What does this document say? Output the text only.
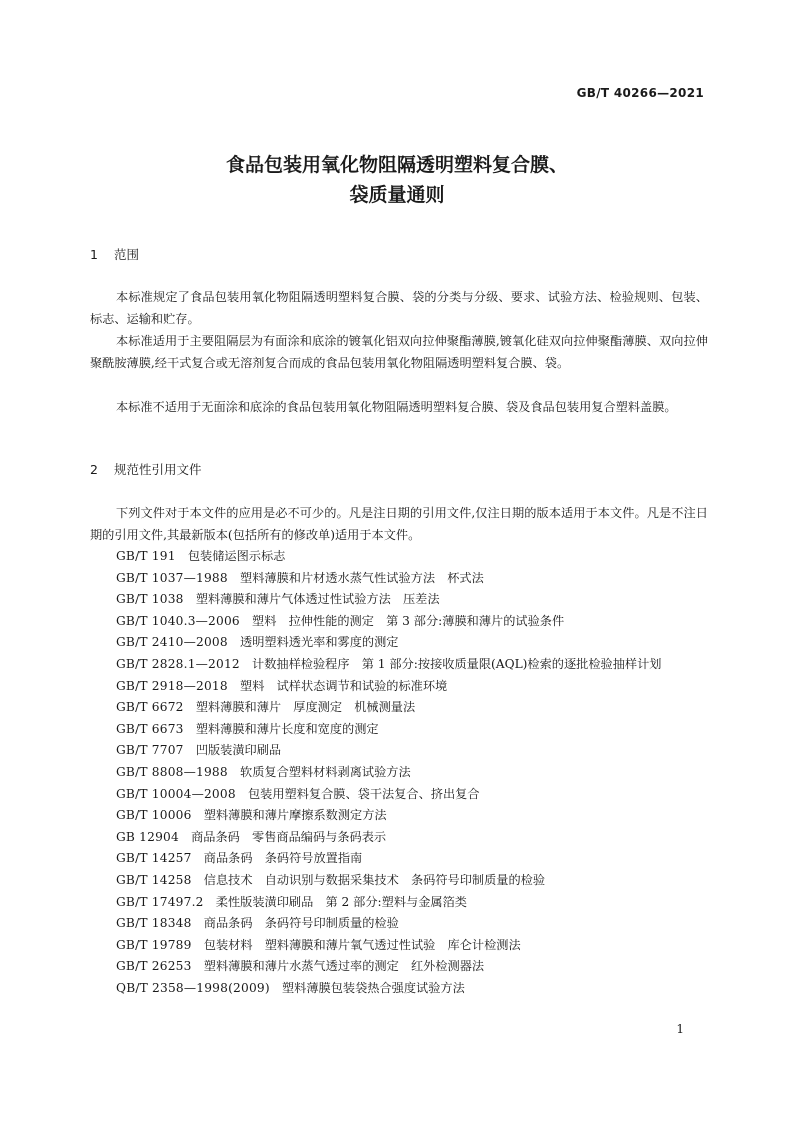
GB/T 40266—2021
食品包装用氧化物阻隔透明塑料复合膜、
袋质量通则
1 范围

本标准规定了食品包装用氧化物阻隔透明塑料复合膜、袋的分类与分级、要求、试验方法、检验规则、包装、标志、运输和贮存。

本标准适用于主要阻隔层为有面涂和底涂的镀氧化铝双向拉伸聚酯薄膜,镀氧化硅双向拉伸聚酯薄膜、双向拉伸聚酰胺薄膜,经干式复合或无溶剂复合而成的食品包装用氧化物阻隔透明塑料复合膜、袋。

本标准不适用于无面涂和底涂的食品包装用氧化物阻隔透明塑料复合膜、袋及食品包装用复合塑料盖膜。

2 规范性引用文件

下列文件对于本文件的应用是必不可少的。凡是注日期的引用文件,仅注日期的版本适用于本文件。凡是不注日期的引用文件,其最新版本(包括所有的修改单)适用于本文件。

GB/T 191　 包装储运图示标志
GB/T 1037—1988　 塑料薄膜和片材透水蒸气性试验方法　杯式法
GB/T 1038　 塑料薄膜和薄片气体透过性试验方法　压差法
GB/T 1040.3—2006　 塑料　拉伸性能的测定　第 3 部分:薄膜和薄片的试验条件
GB/T 2410—2008　 透明塑料透光率和雾度的测定
GB/T 2828.1—2012　 计数抽样检验程序　第 1 部分:按接收质量限(AQL)检索的逐批检验抽样计划
GB/T 2918—2018　 塑料　试样状态调节和试验的标准环境
GB/T 6672　 塑料薄膜和薄片　厚度测定　机械测量法
GB/T 6673　 塑料薄膜和薄片长度和宽度的测定
GB/T 7707　 凹版装潢印刷品
GB/T 8808—1988　 软质复合塑料材料剥离试验方法
GB/T 10004—2008　 包装用塑料复合膜、袋干法复合、挤出复合
GB/T 10006　 塑料薄膜和薄片摩擦系数测定方法
GB 12904　 商品条码　零售商品编码与条码表示
GB/T 14257　 商品条码　条码符号放置指南
GB/T 14258　 信息技术　自动识别与数据采集技术　条码符号印制质量的检验
GB/T 17497.2　 柔性版装潢印刷品　第 2 部分:塑料与金属箔类
GB/T 18348　 商品条码　条码符号印制质量的检验
GB/T 19789　 包装材料　塑料薄膜和薄片氧气透过性试验　库仑计检测法
GB/T 26253　 塑料薄膜和薄片水蒸气透过率的测定　红外检测器法
QB/T 2358—1998(2009)　 塑料薄膜包装袋热合强度试验方法
1
